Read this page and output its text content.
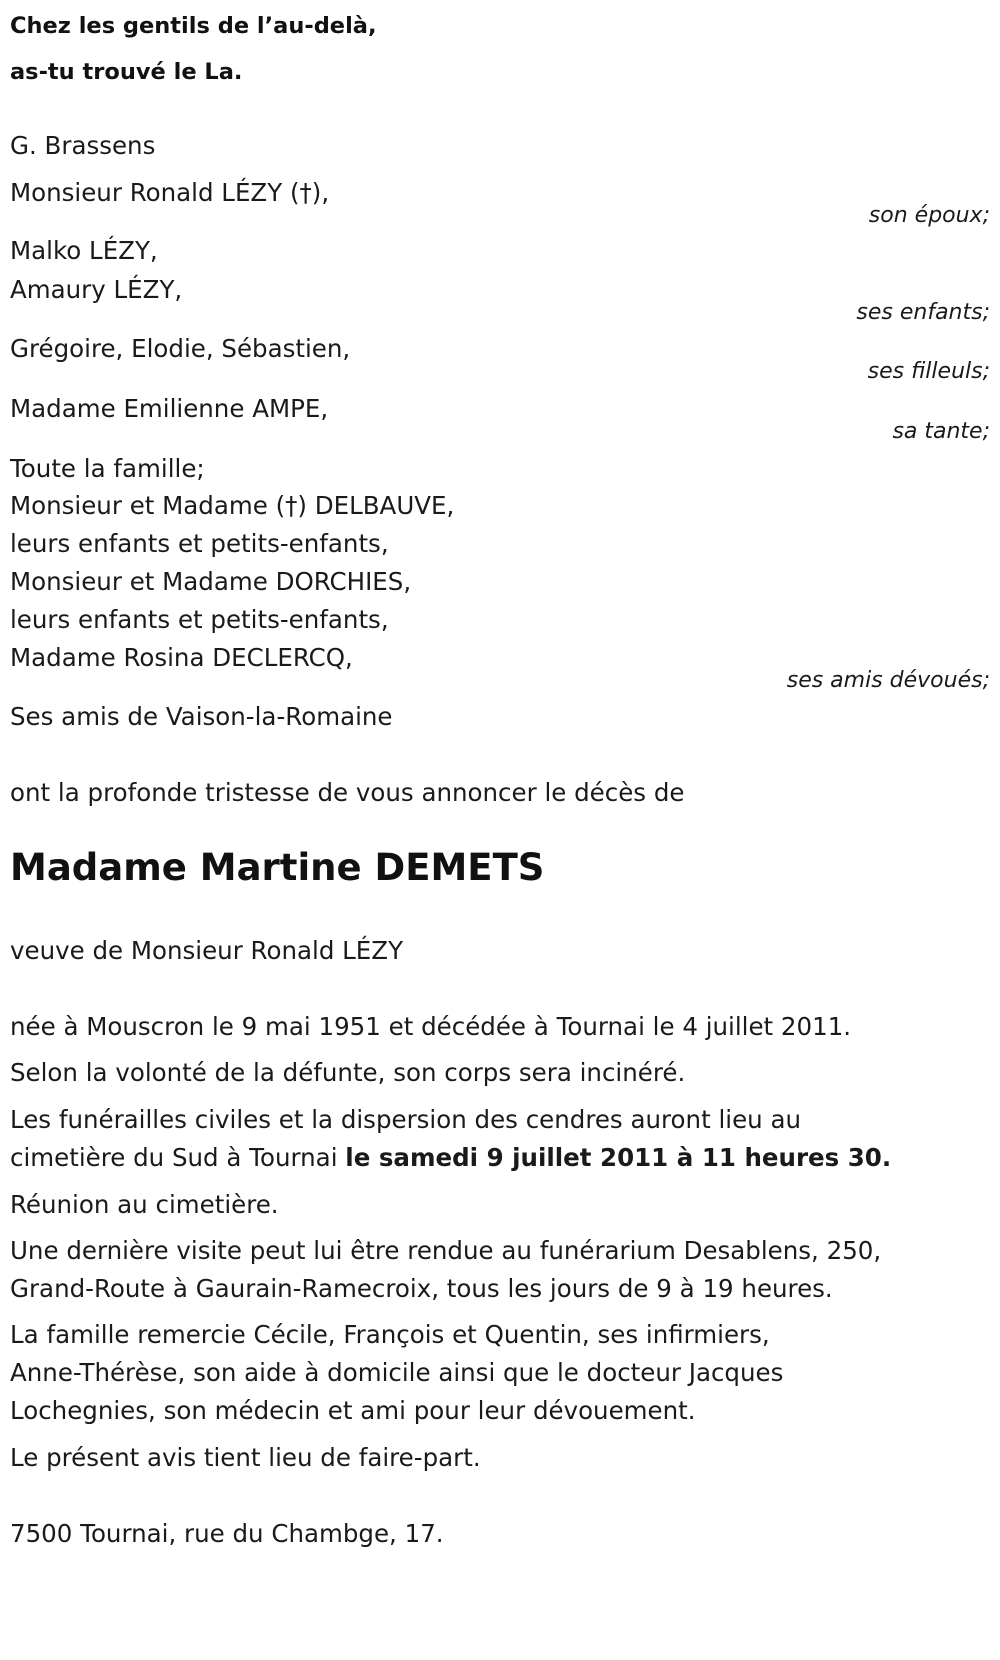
Chez les gentils de l’au-delà,
as-tu trouvé le La.
G. Brassens
Monsieur Ronald LÉZY (†),
son époux;
Malko LÉZY,
Amaury LÉZY,
ses enfants;
Grégoire, Elodie, Sébastien,
ses filleuls;
Madame Emilienne AMPE,
sa tante;
Toute la famille;
Monsieur et Madame (†) DELBAUVE,
leurs enfants et petits-enfants,
Monsieur et Madame DORCHIES,
leurs enfants et petits-enfants,
Madame Rosina DECLERCQ,
ses amis dévoués;
Ses amis de Vaison-la-Romaine
ont la profonde tristesse de vous annoncer le décès de
Madame Martine DEMETS
veuve de Monsieur Ronald LÉZY
née à Mouscron le 9 mai 1951 et décédée à Tournai le 4 juillet 2011.
Selon la volonté de la défunte, son corps sera incinéré.
Les funérailles civiles et la dispersion des cendres auront lieu au
cimetière du Sud à Tournai le samedi 9 juillet 2011 à 11 heures 30.
Réunion au cimetière.
Une dernière visite peut lui être rendue au funérarium Desablens, 250,
Grand-Route à Gaurain-Ramecroix, tous les jours de 9 à 19 heures.
La famille remercie Cécile, François et Quentin, ses infirmiers,
Anne-Thérèse, son aide à domicile ainsi que le docteur Jacques
Lochegnies, son médecin et ami pour leur dévouement.
Le présent avis tient lieu de faire-part.
7500 Tournai, rue du Chambge, 17.
